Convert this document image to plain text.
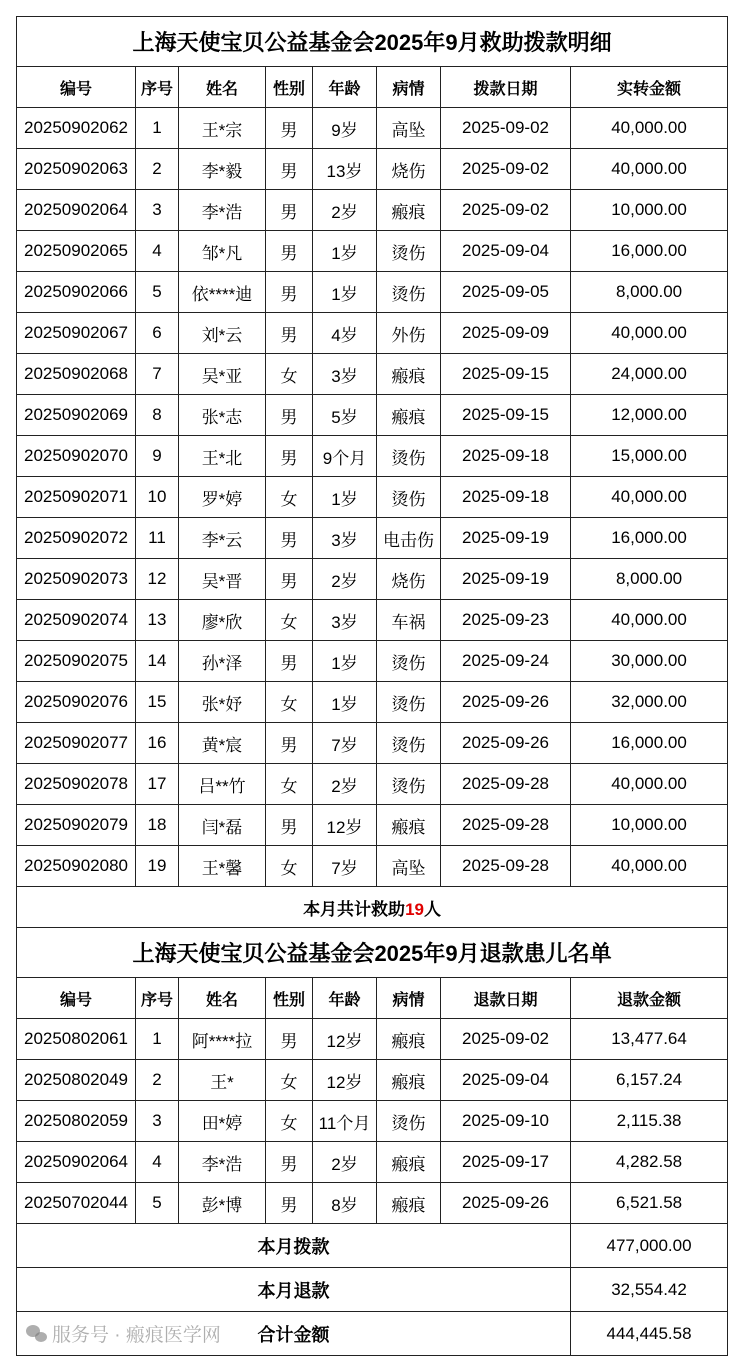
上海天使宝贝公益基金会2025年9月救助拨款明细							
编号	序号	姓名	性别	年龄	病情	拨款日期	实转金额
20250902062	1	王*宗	男	9岁	高坠	2025-09-02	40,000.00
20250902063	2	李*毅	男	13岁	烧伤	2025-09-02	40,000.00
20250902064	3	李*浩	男	2岁	瘢痕	2025-09-02	10,000.00
20250902065	4	邹*凡	男	1岁	烫伤	2025-09-04	16,000.00
20250902066	5	依****迪	男	1岁	烫伤	2025-09-05	8,000.00
20250902067	6	刘*云	男	4岁	外伤	2025-09-09	40,000.00
20250902068	7	吴*亚	女	3岁	瘢痕	2025-09-15	24,000.00
20250902069	8	张*志	男	5岁	瘢痕	2025-09-15	12,000.00
20250902070	9	王*北	男	9个月	烫伤	2025-09-18	15,000.00
20250902071	10	罗*婷	女	1岁	烫伤	2025-09-18	40,000.00
20250902072	11	李*云	男	3岁	电击伤	2025-09-19	16,000.00
20250902073	12	吴*晋	男	2岁	烧伤	2025-09-19	8,000.00
20250902074	13	廖*欣	女	3岁	车祸	2025-09-23	40,000.00
20250902075	14	孙*泽	男	1岁	烫伤	2025-09-24	30,000.00
20250902076	15	张*妤	女	1岁	烫伤	2025-09-26	32,000.00
20250902077	16	黄*宸	男	7岁	烫伤	2025-09-26	16,000.00
20250902078	17	吕**竹	女	2岁	烫伤	2025-09-28	40,000.00
20250902079	18	闫*磊	男	12岁	瘢痕	2025-09-28	10,000.00
20250902080	19	王*馨	女	7岁	高坠	2025-09-28	40,000.00
本月共计救助19人							
上海天使宝贝公益基金会2025年9月退款患儿名单							
编号	序号	姓名	性别	年龄	病情	退款日期	退款金额
20250802061	1	阿****拉	男	12岁	瘢痕	2025-09-02	13,477.64
20250802049	2	王*	女	12岁	瘢痕	2025-09-04	6,157.24
20250802059	3	田*婷	女	11个月	烫伤	2025-09-10	2,115.38
20250902064	4	李*浩	男	2岁	瘢痕	2025-09-17	4,282.58
20250702044	5	彭*博	男	8岁	瘢痕	2025-09-26	6,521.58
本月拨款							477,000.00
本月退款							32,554.42
合计金额							444,445.58
服务号 · 瘢痕医学网
